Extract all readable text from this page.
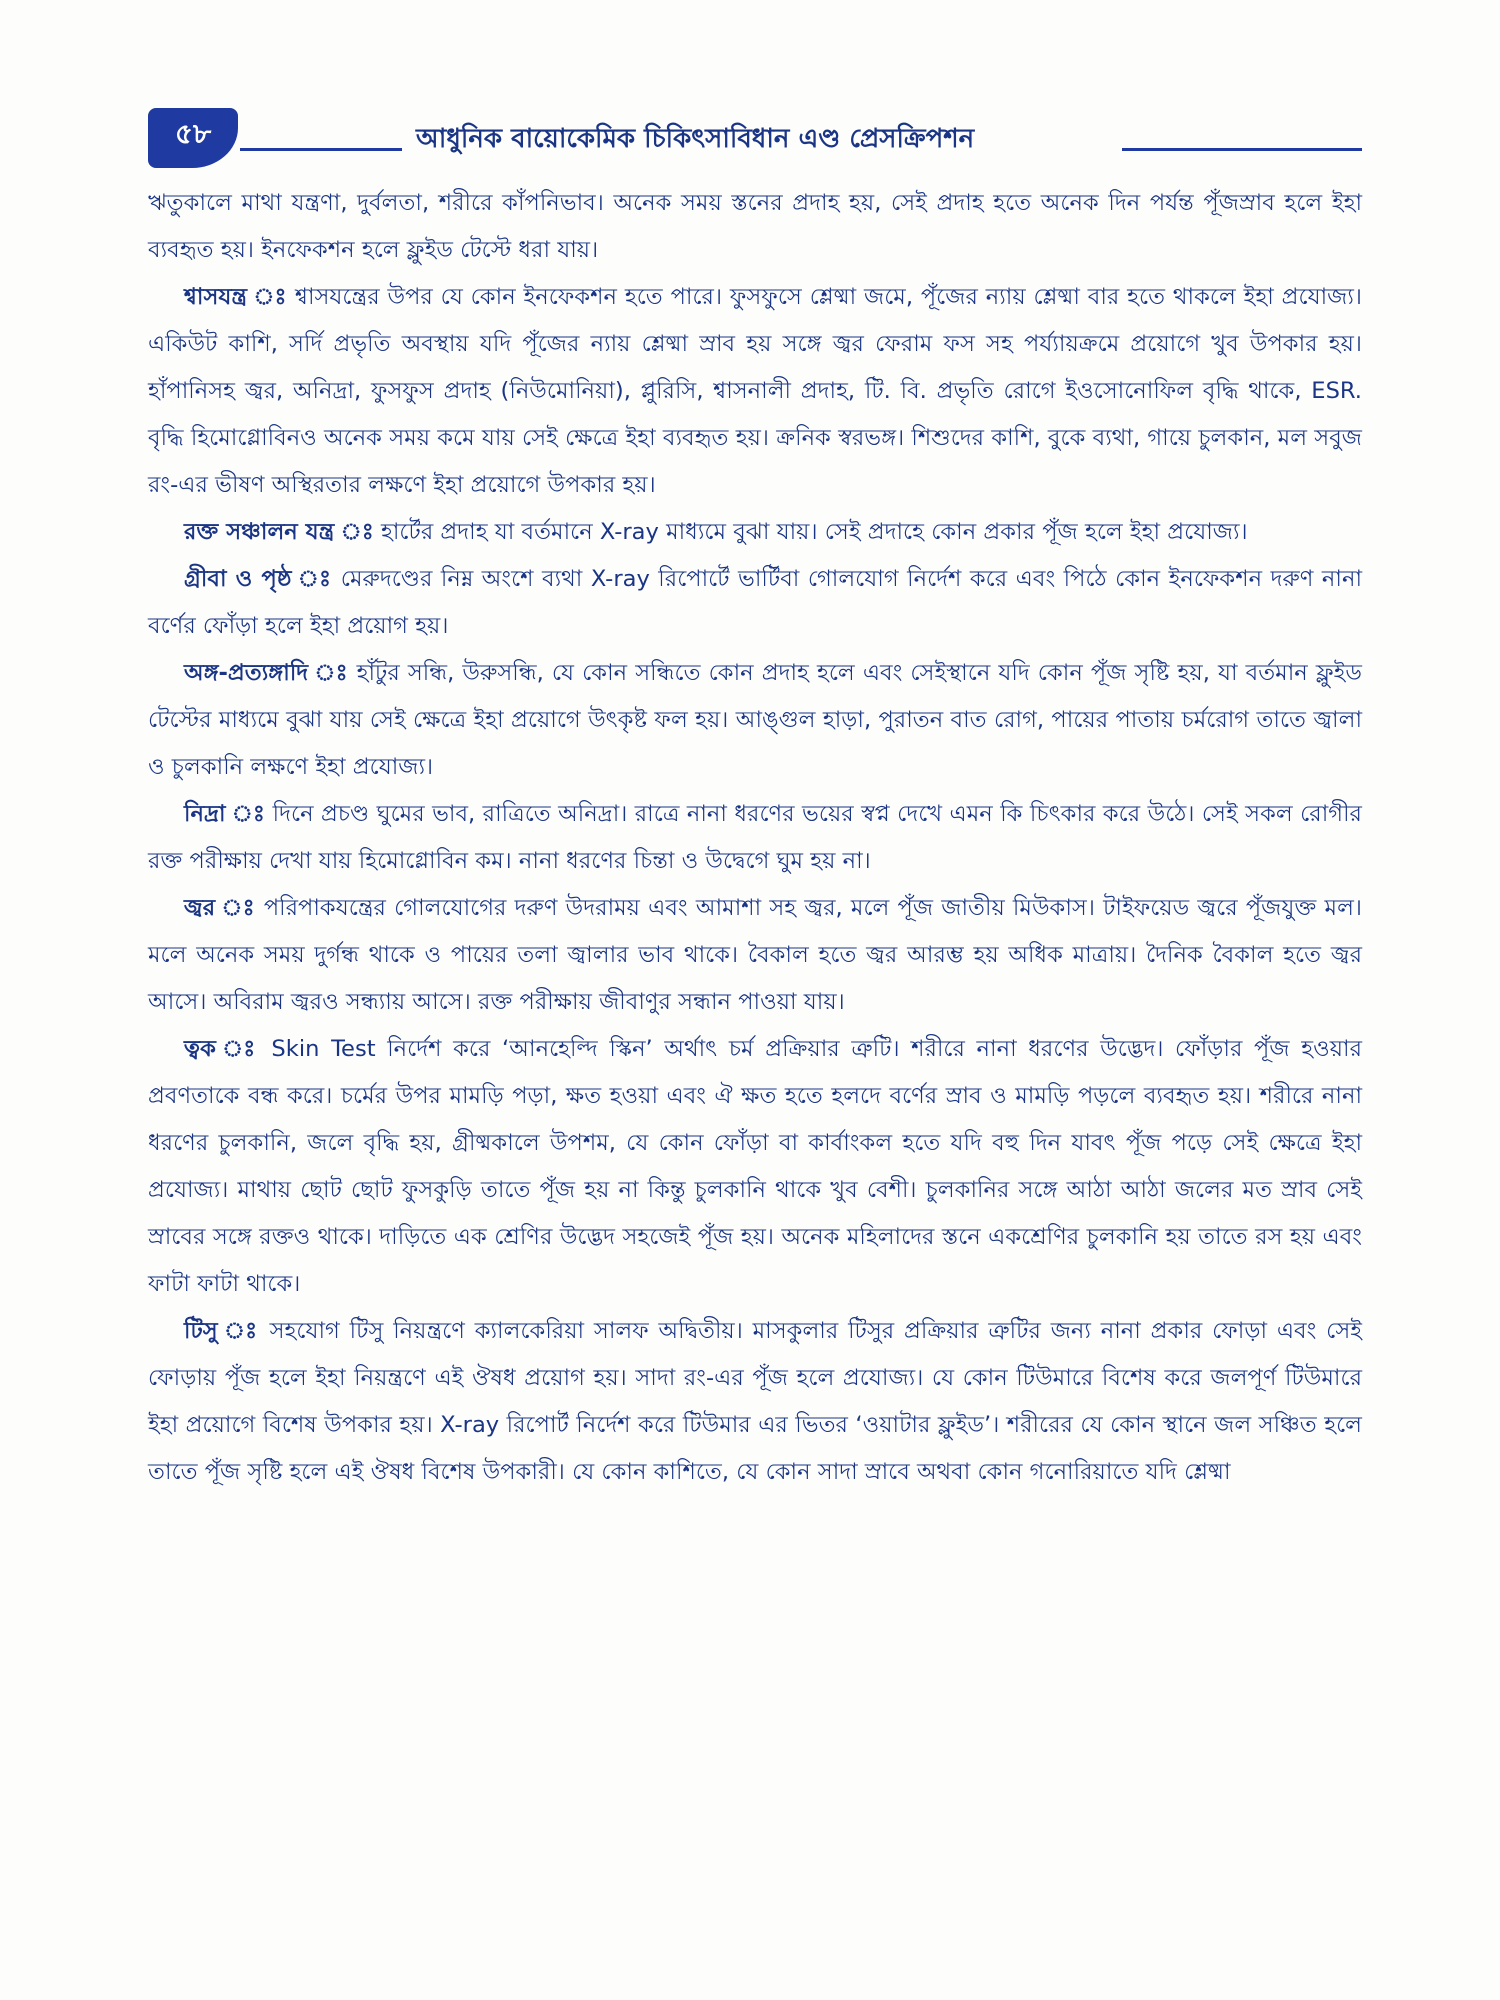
৫৮	আধুনিক বায়োকেমিক চিকিৎসাবিধান এণ্ড প্রেসক্রিপশন

ঋতুকালে মাথা যন্ত্রণা, দুর্বলতা, শরীরে কাঁপনিভাব। অনেক সময় স্তনের প্রদাহ হয়, সেই প্রদাহ হতে অনেক দিন পর্যন্ত পূঁজস্রাব হলে ইহা ব্যবহৃত হয়। ইনফেকশন হলে ফ্লুইড টেস্টে ধরা যায়।

শ্বাসযন্ত্র ঃ শ্বাসযন্ত্রের উপর যে কোন ইনফেকশন হতে পারে। ফুসফুসে শ্লেষ্মা জমে, পূঁজের ন্যায় শ্লেষ্মা বার হতে থাকলে ইহা প্রযোজ্য। একিউট কাশি, সর্দি প্রভৃতি অবস্থায় যদি পূঁজের ন্যায় শ্লেষ্মা স্রাব হয় সঙ্গে জ্বর ফেরাম ফস সহ পর্য্যায়ক্রমে প্রয়োগে খুব উপকার হয়। হাঁপানিসহ জ্বর, অনিদ্রা, ফুসফুস প্রদাহ (নিউমোনিয়া), প্লুরিসি, শ্বাসনালী প্রদাহ, টি. বি. প্রভৃতি রোগে ইওসোনোফিল বৃদ্ধি থাকে, ESR. বৃদ্ধি হিমোগ্লোবিনও অনেক সময় কমে যায় সেই ক্ষেত্রে ইহা ব্যবহৃত হয়। ক্রনিক স্বরভঙ্গ। শিশুদের কাশি, বুকে ব্যথা, গায়ে চুলকান, মল সবুজ রং-এর ভীষণ অস্থিরতার লক্ষণে ইহা প্রয়োগে উপকার হয়।

রক্ত সঞ্চালন যন্ত্র ঃ হার্টের প্রদাহ যা বর্তমানে X-ray মাধ্যমে বুঝা যায়। সেই প্রদাহে কোন প্রকার পূঁজ হলে ইহা প্রযোজ্য।

গ্রীবা ও পৃষ্ঠ ঃ মেরুদণ্ডের নিম্ন অংশে ব্যথা X-ray রিপোর্টে ভার্টিবা গোলযোগ নির্দেশ করে এবং পিঠে কোন ইনফেকশন দরুণ নানা বর্ণের ফোঁড়া হলে ইহা প্রয়োগ হয়।

অঙ্গ-প্রত্যঙ্গাদি ঃ হাঁটুর সন্ধি, উরুসন্ধি, যে কোন সন্ধিতে কোন প্রদাহ হলে এবং সেইস্থানে যদি কোন পূঁজ সৃষ্টি হয়, যা বর্তমান ফ্লুইড টেস্টের মাধ্যমে বুঝা যায় সেই ক্ষেত্রে ইহা প্রয়োগে উৎকৃষ্ট ফল হয়। আঙ্গুল হাড়া, পুরাতন বাত রোগ, পায়ের পাতায় চর্মরোগ তাতে জ্বালা ও চুলকানি লক্ষণে ইহা প্রযোজ্য।

নিদ্রা ঃ দিনে প্রচণ্ড ঘুমের ভাব, রাত্রিতে অনিদ্রা। রাত্রে নানা ধরণের ভয়ের স্বপ্ন দেখে এমন কি চিৎকার করে উঠে। সেই সকল রোগীর রক্ত পরীক্ষায় দেখা যায় হিমোগ্লোবিন কম। নানা ধরণের চিন্তা ও উদ্বেগে ঘুম হয় না।

জ্বর ঃ পরিপাকযন্ত্রের গোলযোগের দরুণ উদরাময় এবং আমাশা সহ জ্বর, মলে পূঁজ জাতীয় মিউকাস। টাইফয়েড জ্বরে পূঁজযুক্ত মল। মলে অনেক সময় দুর্গন্ধ থাকে ও পায়ের তলা জ্বালার ভাব থাকে। বৈকাল হতে জ্বর আরম্ভ হয় অধিক মাত্রায়। দৈনিক বৈকাল হতে জ্বর আসে। অবিরাম জ্বরও সন্ধ্যায় আসে। রক্ত পরীক্ষায় জীবাণুর সন্ধান পাওয়া যায়।

ত্বক ঃ Skin Test নির্দেশ করে ‘আনহেল্দি স্কিন’ অর্থাৎ চর্ম প্রক্রিয়ার ত্রুটি। শরীরে নানা ধরণের উদ্ভেদ। ফোঁড়ার পূঁজ হওয়ার প্রবণতাকে বন্ধ করে। চর্মের উপর মামড়ি পড়া, ক্ষত হওয়া এবং ঐ ক্ষত হতে হলদে বর্ণের স্রাব ও মামড়ি পড়লে ব্যবহৃত হয়। শরীরে নানা ধরণের চুলকানি, জলে বৃদ্ধি হয়, গ্রীষ্মকালে উপশম, যে কোন ফোঁড়া বা কার্বাংকল হতে যদি বহু দিন যাবৎ পূঁজ পড়ে সেই ক্ষেত্রে ইহা প্রযোজ্য। মাথায় ছোট ছোট ফুসকুড়ি তাতে পূঁজ হয় না কিন্তু চুলকানি থাকে খুব বেশী। চুলকানির সঙ্গে আঠা আঠা জলের মত স্রাব সেই স্রাবের সঙ্গে রক্তও থাকে। দাড়িতে এক শ্রেণির উদ্ভেদ সহজেই পূঁজ হয়। অনেক মহিলাদের স্তনে একশ্রেণির চুলকানি হয় তাতে রস হয় এবং ফাটা ফাটা থাকে।

টিসু ঃ সহযোগ টিসু নিয়ন্ত্রণে ক্যালকেরিয়া সালফ অদ্বিতীয়। মাসকুলার টিসুর প্রক্রিয়ার ত্রুটির জন্য নানা প্রকার ফোড়া এবং সেই ফোড়ায় পূঁজ হলে ইহা নিয়ন্ত্রণে এই ঔষধ প্রয়োগ হয়। সাদা রং-এর পূঁজ হলে প্রযোজ্য। যে কোন টিউমারে বিশেষ করে জলপূর্ণ টিউমারে ইহা প্রয়োগে বিশেষ উপকার হয়। X-ray রিপোর্ট নির্দেশ করে টিউমার এর ভিতর ‘ওয়াটার ফ্লুইড’। শরীরের যে কোন স্থানে জল সঞ্চিত হলে তাতে পূঁজ সৃষ্টি হলে এই ঔষধ বিশেষ উপকারী। যে কোন কাশিতে, যে কোন সাদা স্রাবে অথবা কোন গনোরিয়াতে যদি শ্লেষ্মা
